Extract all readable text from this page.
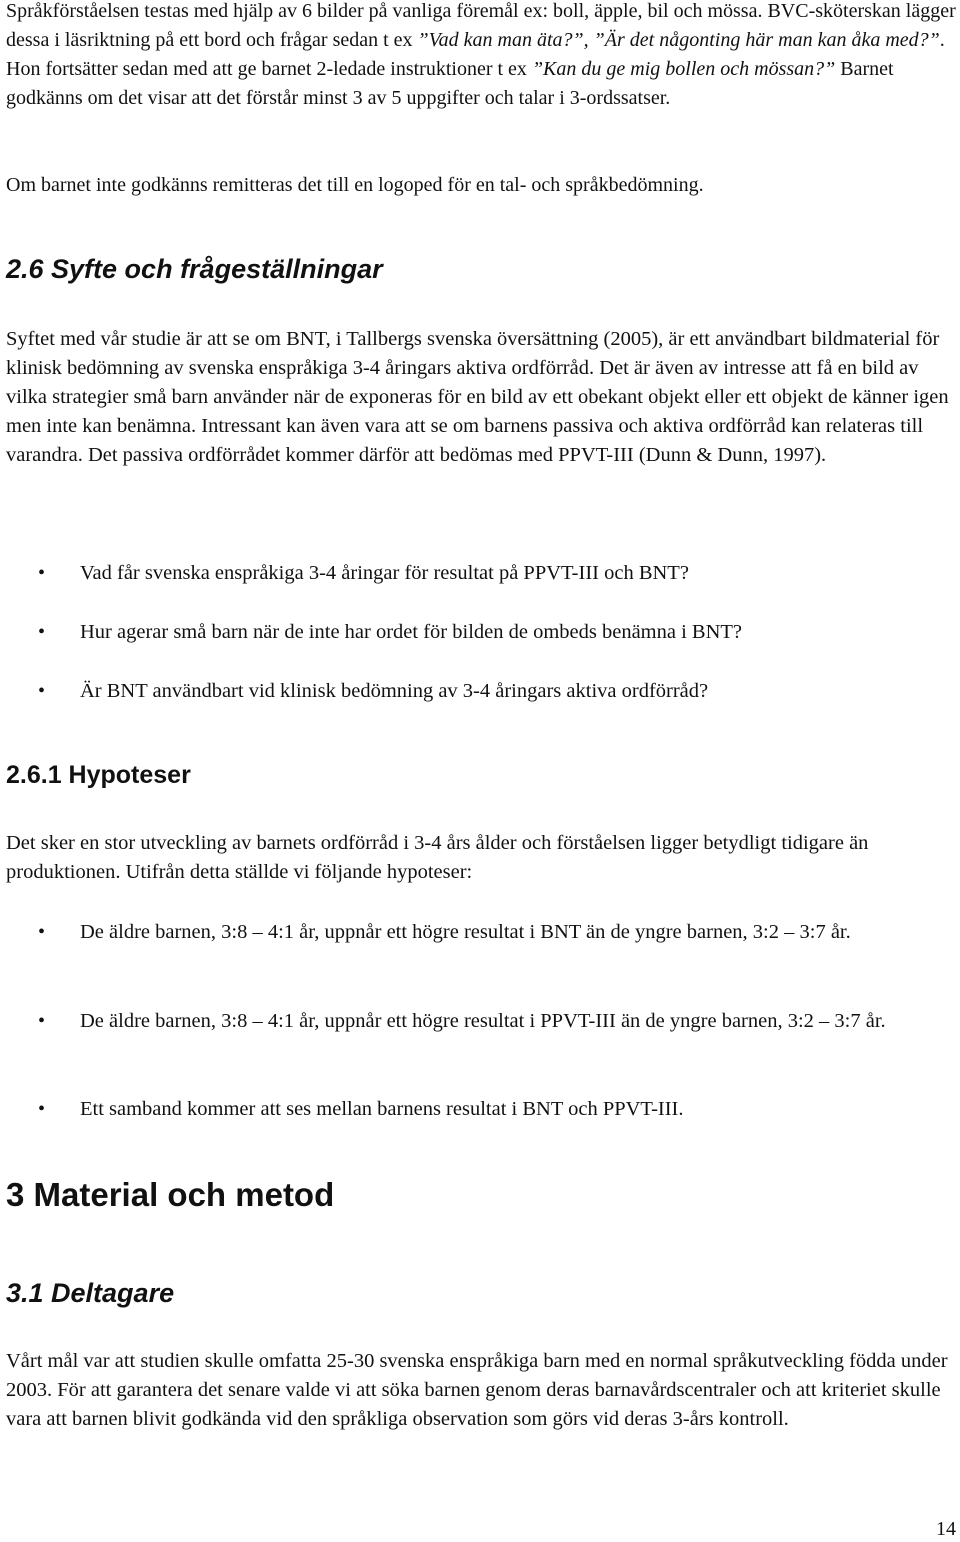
Språkförståelsen testas med hjälp av 6 bilder på vanliga föremål ex: boll, äpple, bil och mössa. BVC-sköterskan lägger dessa i läsriktning på ett bord och frågar sedan t ex ”Vad kan man äta?”, ”Är det någonting här man kan åka med?”. Hon fortsätter sedan med att ge barnet 2-ledade instruktioner t ex ”Kan du ge mig bollen och mössan?” Barnet godkänns om det visar att det förstår minst 3 av 5 uppgifter och talar i 3-ordssatser.

Om barnet inte godkänns remitteras det till en logoped för en tal- och språkbedömning.

2.6 Syfte och frågeställningar

Syftet med vår studie är att se om BNT, i Tallbergs svenska översättning (2005), är ett användbart bildmaterial för klinisk bedömning av svenska enspråkiga 3-4 åringars aktiva ordförråd. Det är även av intresse att få en bild av vilka strategier små barn använder när de exponeras för en bild av ett obekant objekt eller ett objekt de känner igen men inte kan benämna. Intressant kan även vara att se om barnens passiva och aktiva ordförråd kan relateras till varandra. Det passiva ordförrådet kommer därför att bedömas med PPVT-III (Dunn & Dunn, 1997).

• Vad får svenska enspråkiga 3-4 åringar för resultat på PPVT-III och BNT?

• Hur agerar små barn när de inte har ordet för bilden de ombeds benämna i BNT?

• Är BNT användbart vid klinisk bedömning av 3-4 åringars aktiva ordförråd?

2.6.1 Hypoteser

Det sker en stor utveckling av barnets ordförråd i 3-4 års ålder och förståelsen ligger betydligt tidigare än produktionen. Utifrån detta ställde vi följande hypoteser:

• De äldre barnen, 3:8 – 4:1 år, uppnår ett högre resultat i BNT än de yngre barnen, 3:2 – 3:7 år.

• De äldre barnen, 3:8 – 4:1 år, uppnår ett högre resultat i PPVT-III än de yngre barnen, 3:2 – 3:7 år.

• Ett samband kommer att ses mellan barnens resultat i BNT och PPVT-III.

3 Material och metod
3.1 Deltagare

Vårt mål var att studien skulle omfatta 25-30 svenska enspråkiga barn med en normal språkutveckling födda under 2003. För att garantera det senare valde vi att söka barnen genom deras barnavårdscentraler och att kriteriet skulle vara att barnen blivit godkända vid den språkliga observation som görs vid deras 3-års kontroll.

14
